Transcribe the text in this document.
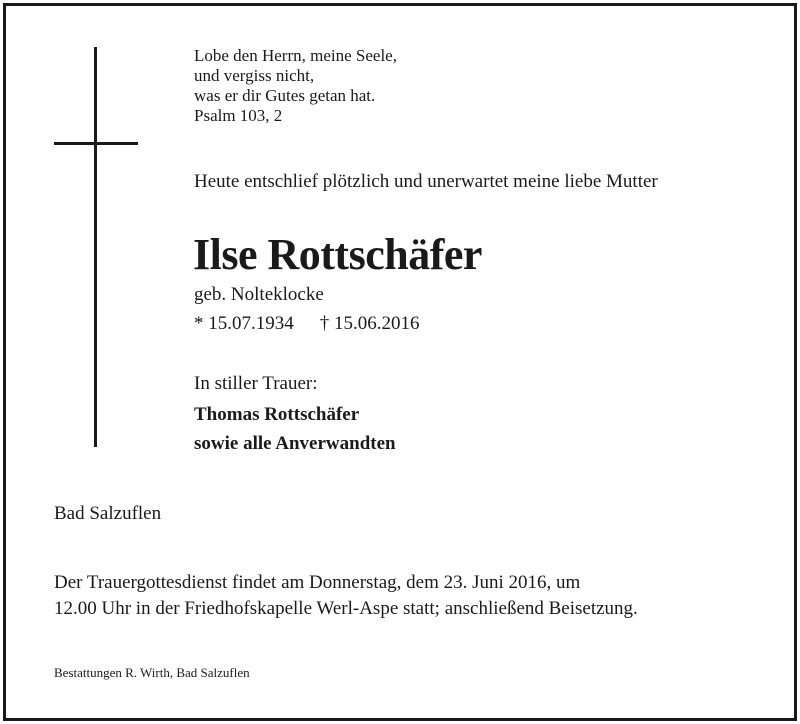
Lobe den Herrn, meine Seele,
und vergiss nicht,
was er dir Gutes getan hat.
Psalm 103, 2
Heute entschlief plötzlich und unerwartet meine liebe Mutter
Ilse Rottschäfer
geb. Nolteklocke
* 15.07.1934 † 15.06.2016
In stiller Trauer:
Thomas Rottschäfer
sowie alle Anverwandten
Bad Salzuflen
Der Trauergottesdienst findet am Donnerstag, dem 23. Juni 2016, um
12.00 Uhr in der Friedhofskapelle Werl-Aspe statt; anschließend Beisetzung.
Bestattungen R. Wirth, Bad Salzuflen
